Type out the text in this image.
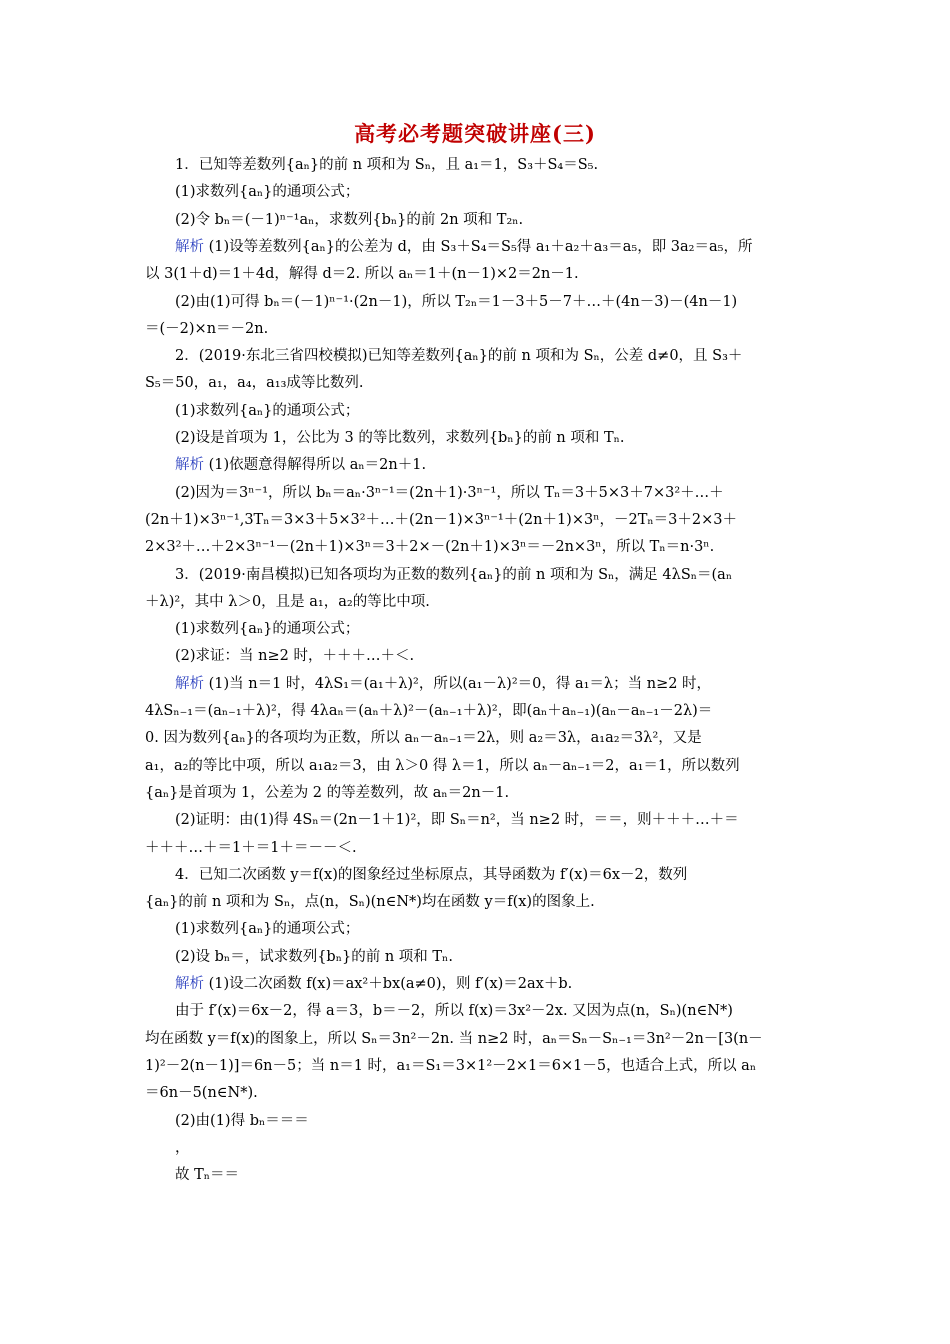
高考必考题突破讲座(三)
1．已知等差数列{aₙ}的前 n 项和为 Sₙ，且 a₁＝1，S₃＋S₄＝S₅.
(1)求数列{aₙ}的通项公式；
(2)令 bₙ＝(－1)ⁿ⁻¹aₙ，求数列{bₙ}的前 2n 项和 T₂ₙ.
解析 (1)设等差数列{aₙ}的公差为 d，由 S₃＋S₄＝S₅得 a₁＋a₂＋a₃＝a₅，即 3a₂＝a₅，所
以 3(1＋d)＝1＋4d，解得 d＝2. 所以 aₙ＝1＋(n－1)×2＝2n－1.
(2)由(1)可得 bₙ＝(－1)ⁿ⁻¹·(2n－1)，所以 T₂ₙ＝1－3＋5－7＋…＋(4n－3)－(4n－1)
＝(－2)×n＝－2n.
2．(2019·东北三省四校模拟)已知等差数列{aₙ}的前 n 项和为 Sₙ，公差 d≠0，且 S₃＋
S₅＝50，a₁，a₄，a₁₃成等比数列.
(1)求数列{aₙ}的通项公式；
(2)设是首项为 1，公比为 3 的等比数列，求数列{bₙ}的前 n 项和 Tₙ.
解析 (1)依题意得解得所以 aₙ＝2n＋1.
(2)因为＝3ⁿ⁻¹，所以 bₙ＝aₙ·3ⁿ⁻¹＝(2n＋1)·3ⁿ⁻¹，所以 Tₙ＝3＋5×3＋7×3²＋…＋
(2n＋1)×3ⁿ⁻¹,3Tₙ＝3×3＋5×3²＋…＋(2n－1)×3ⁿ⁻¹＋(2n＋1)×3ⁿ，－2Tₙ＝3＋2×3＋
2×3²＋…＋2×3ⁿ⁻¹－(2n＋1)×3ⁿ＝3＋2×－(2n＋1)×3ⁿ＝－2n×3ⁿ，所以 Tₙ＝n·3ⁿ.
3．(2019·南昌模拟)已知各项均为正数的数列{aₙ}的前 n 项和为 Sₙ，满足 4λSₙ＝(aₙ
＋λ)²，其中 λ＞0，且是 a₁，a₂的等比中项.
(1)求数列{aₙ}的通项公式；
(2)求证：当 n≥2 时，＋＋＋…＋＜.
解析 (1)当 n＝1 时，4λS₁＝(a₁＋λ)²，所以(a₁－λ)²＝0，得 a₁＝λ；当 n≥2 时，
4λSₙ₋₁＝(aₙ₋₁＋λ)²，得 4λaₙ＝(aₙ＋λ)²－(aₙ₋₁＋λ)²，即(aₙ＋aₙ₋₁)(aₙ－aₙ₋₁－2λ)＝
0. 因为数列{aₙ}的各项均为正数，所以 aₙ－aₙ₋₁＝2λ，则 a₂＝3λ，a₁a₂＝3λ²，又是
a₁，a₂的等比中项，所以 a₁a₂＝3，由 λ＞0 得 λ＝1，所以 aₙ－aₙ₋₁＝2，a₁＝1，所以数列
{aₙ}是首项为 1，公差为 2 的等差数列，故 aₙ＝2n－1.
(2)证明：由(1)得 4Sₙ＝(2n－1＋1)²，即 Sₙ＝n²，当 n≥2 时，＝＝，则＋＋＋…＋＝
＋＋＋…＋＝1＋＝1＋＝－－＜.
4．已知二次函数 y＝f(x)的图象经过坐标原点，其导函数为 f′(x)＝6x－2，数列
{aₙ}的前 n 项和为 Sₙ，点(n，Sₙ)(n∈N*)均在函数 y＝f(x)的图象上.
(1)求数列{aₙ}的通项公式；
(2)设 bₙ＝，试求数列{bₙ}的前 n 项和 Tₙ.
解析 (1)设二次函数 f(x)＝ax²＋bx(a≠0)，则 f′(x)＝2ax＋b.
由于 f′(x)＝6x－2，得 a＝3，b＝－2，所以 f(x)＝3x²－2x. 又因为点(n，Sₙ)(n∈N*)
均在函数 y＝f(x)的图象上，所以 Sₙ＝3n²－2n. 当 n≥2 时，aₙ＝Sₙ－Sₙ₋₁＝3n²－2n－[3(n－
1)²－2(n－1)]＝6n－5；当 n＝1 时，a₁＝S₁＝3×1²－2×1＝6×1－5，也适合上式，所以 aₙ
＝6n－5(n∈N*).
(2)由(1)得 bₙ＝＝＝
，
故 Tₙ＝＝
